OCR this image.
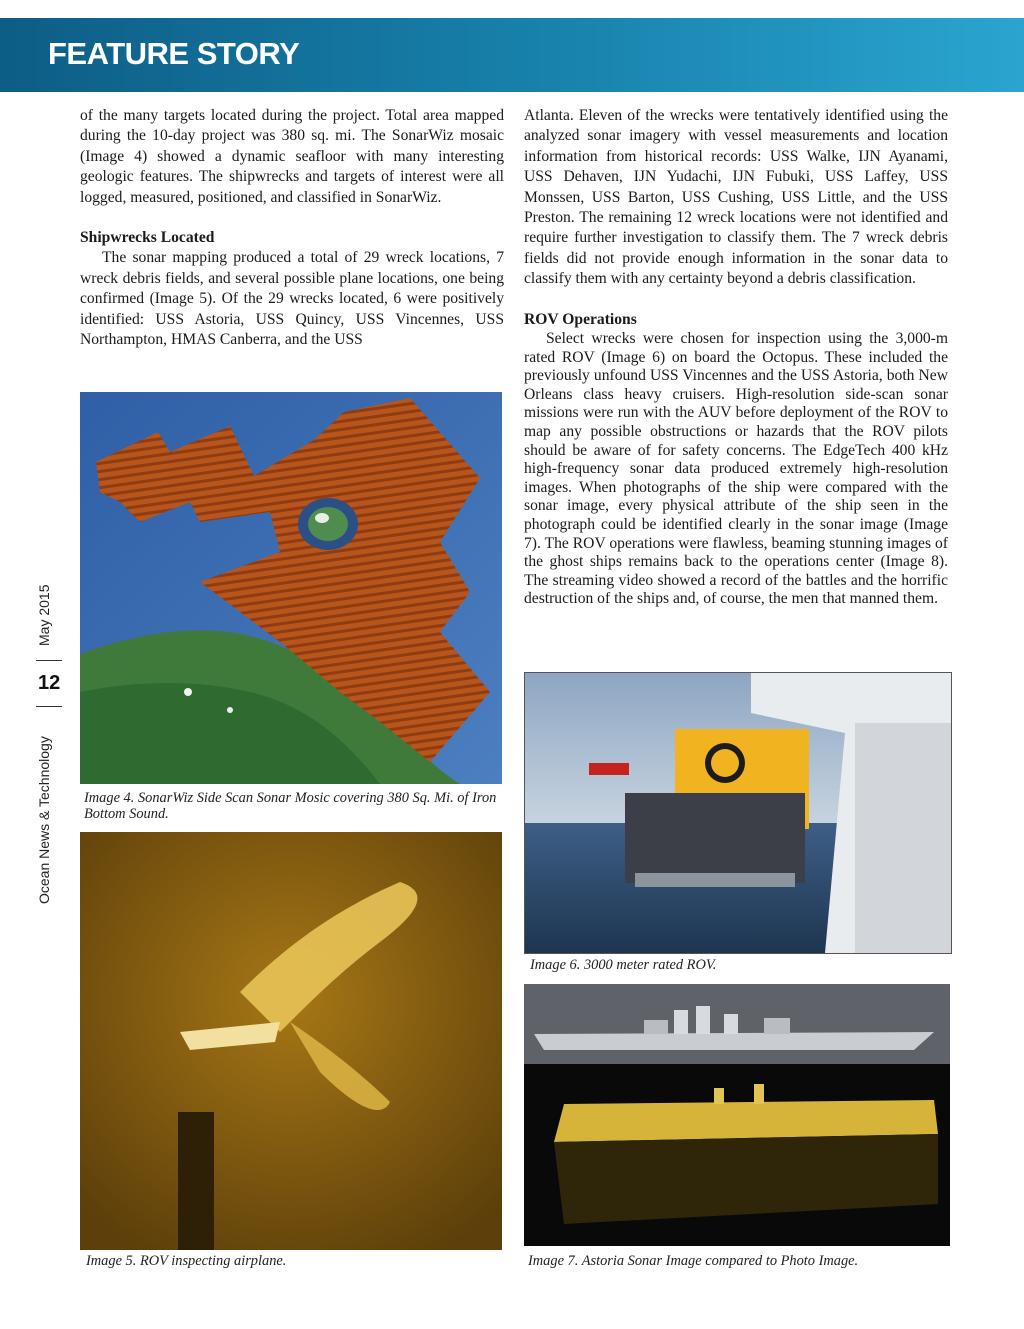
FEATURE STORY
May 2015
12
Ocean News & Technology

of the many targets located during the project. Total area mapped during the 10-day project was 380 sq. mi. The SonarWiz mosaic (Image 4) showed a dynamic seafloor with many interesting geologic features. The shipwrecks and targets of interest were all logged, measured, positioned, and classified in SonarWiz.

Shipwrecks Located

The sonar mapping produced a total of 29 wreck locations, 7 wreck debris fields, and several possible plane locations, one being confirmed (Image 5). Of the 29 wrecks located, 6 were positively identified: USS Astoria, USS Quincy, USS Vincennes, USS Northampton, HMAS Canberra, and the USS

Atlanta. Eleven of the wrecks were tentatively identified using the analyzed sonar imagery with vessel measurements and location information from historical records: USS Walke, IJN Ayanami, USS Dehaven, IJN Yudachi, IJN Fubuki, USS Laffey, USS Monssen, USS Barton, USS Cushing, USS Little, and the USS Preston. The remaining 12 wreck locations were not identified and require further investigation to classify them. The 7 wreck debris fields did not provide enough information in the sonar data to classify them with any certainty beyond a debris classification.

ROV Operations

Select wrecks were chosen for inspection using the 3,000-m rated ROV (Image 6) on board the Octopus. These included the previously unfound USS Vincennes and the USS Astoria, both New Orleans class heavy cruisers. High-resolution side-scan sonar missions were run with the AUV before deployment of the ROV to map any possible obstructions or hazards that the ROV pilots should be aware of for safety concerns. The EdgeTech 400 kHz high-frequency sonar data produced extremely high-resolution images. When photographs of the ship were compared with the sonar image, every physical attribute of the ship seen in the photograph could be identified clearly in the sonar image (Image 7). The ROV operations were flawless, beaming stunning images of the ghost ships remains back to the operations center (Image 8). The streaming video showed a record of the battles and the horrific destruction of the ships and, of course, the men that manned them.

Image 4. SonarWiz Side Scan Sonar Mosic covering 380 Sq. Mi. of Iron Bottom Sound.
Image 5. ROV inspecting airplane.
Image 6. 3000 meter rated ROV.
Image 7. Astoria Sonar Image compared to Photo Image.
